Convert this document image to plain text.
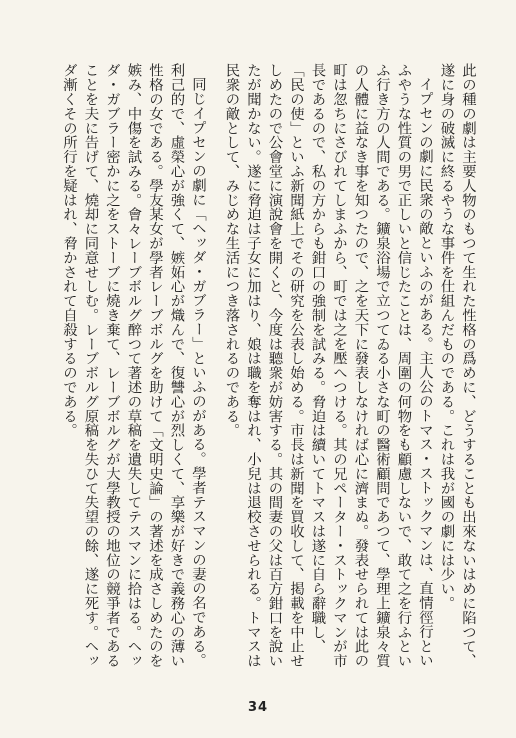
此の種の劇は主要人物のもつて生れた性格の爲めに、どうすることも出來ないはめに陷つて、遂に身の破滅に終るやうな事件を仕組んだものである。これは我が國の劇には少い。

イプセンの劇に民衆の敵といふのがある。主人公のトマス・ストックマンは、直情徑行といふやうな性質の男で正しいと信じたことは、周圍の何物をも顧慮しないで、敢て之を行ふといふ行き方の人間である。鑛泉浴場で立つてゐる小さな町の醫術顧問であつて、學理上鑛泉々質の人體に益なき事を知つたので、之を天下に發表しなければ心に濟まぬ。發表せられては此の町は忽ちにさびれてしまふから、町では之を壓へつける。其の兄ペーター・ストックマンが市長であるので、私の方からも鉗口の強制を試みる。脅迫は續いてトマスは遂に自ら辭職し、「民の使」といふ新聞紙上でその研究を公表し始める。市長は新聞を買收して、掲載を中止せしめたので公會堂に演說會を開くと、今度は聽衆が妨害する。其の間妻の父は百方鉗口を說いたが聞かない。遂に脅迫は子女に加はり、娘は職を奪はれ、小兒は退校させられる。トマスは民衆の敵として、みじめな生活につき落されるのである。

同じイプセンの劇に「ヘッダ・ガブラー」といふのがある。學者テスマンの妻の名である。利己的で、虛榮心が強くて、嫉妬心が熾んで、復讐心が烈しくて、享樂が好きで義務心の薄い性格の女である。學友某女が學者レーブボルグを助けて「文明史論」の著述を成さしめたのを嫉み、中傷を試みる。會々レーブボルグ醉つて著述の草稿を遺失してテスマンに拾はる。ヘッダ・ガブラー密かに之をストーブに燒き棄て、レーブボルグが大學教授の地位の競爭者であることを夫に告げて、燒却に同意せしむ。レーブボルグ原稿を失ひて失望の餘、遂に死す。ヘッダ漸くその所行を疑はれ、脅かされて自殺するのである。

34
